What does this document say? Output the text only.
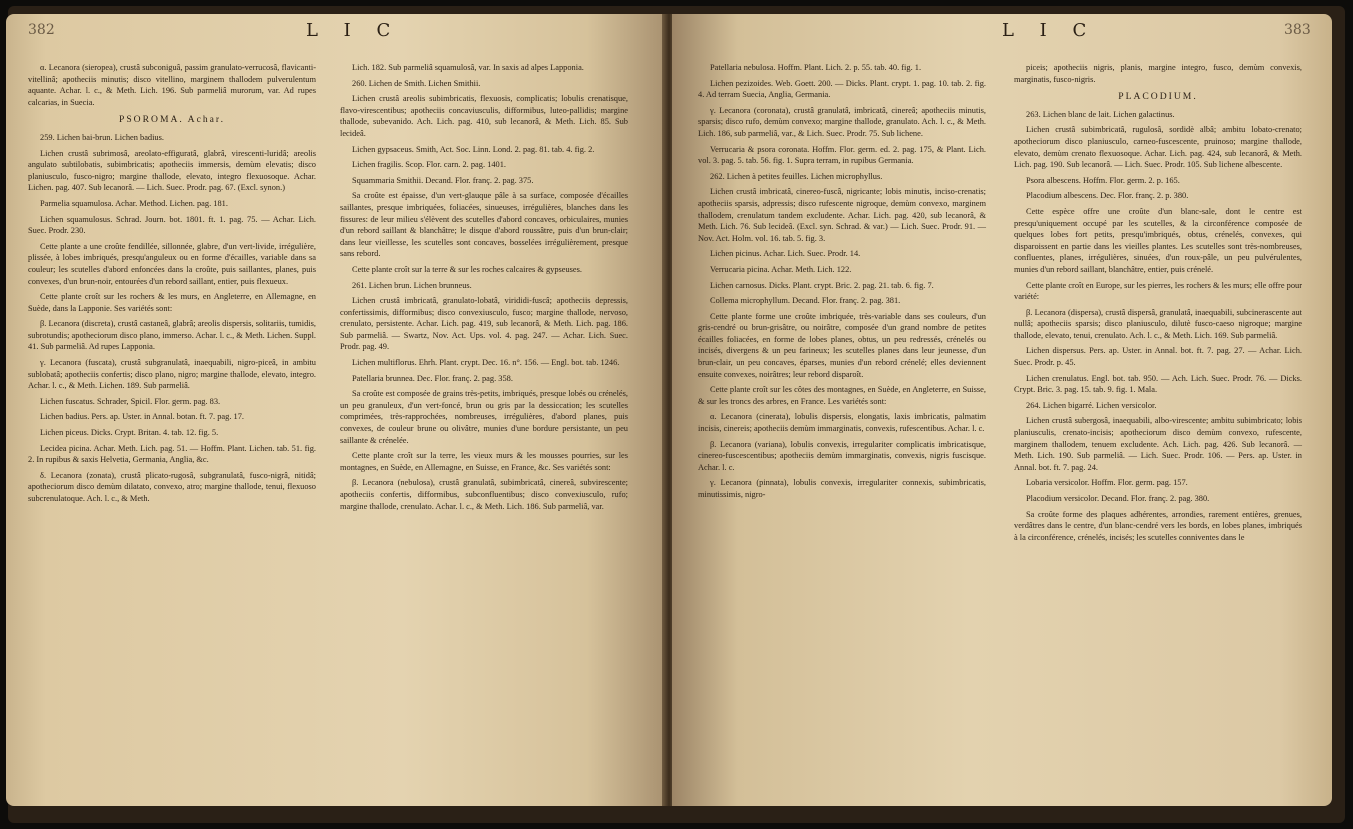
382	L I C

α. Lecanora (sieropea), crustâ subconiguâ, passim granulato-verrucosâ, flavicanti-vitellinâ; apotheciis minutis; disco vitellino, marginem thallodem pulverulentum aquante. Achar. l. c., & Meth. Lich. 196. Sub parmeliâ murorum, var. Ad rupes calcarias, in Suecia.

PSOROMA. Achar.

259. Lichen bai-brun. Lichen badius.

Lichen crustâ subrimosâ, areolato-effiguratâ, glabrâ, virescenti-luridâ; areolis angulato subtilobatis, subimbricatis; apotheciis immersis, demùm elevatis; disco planiusculo, fusco-nigro; margine thallode, elevato, integro flexuosoque. Achar. Lichen. pag. 407. Sub lecanorâ. — Lich. Suec. Prodr. pag. 67. (Excl. synon.)

Parmelia squamulosa. Achar. Method. Lichen. pag. 181.

Lichen squamulosus. Schrad. Journ. bot. 1801. ft. 1. pag. 75. — Achar. Lich. Suec. Prodr. 230.

Cette plante a une croûte fendillée, sillonnée, glabre, d'un vert-livide, irrégulière, plissée, à lobes imbriqués, presqu'anguleux ou en forme d'écailles, variable dans sa couleur; les scutelles d'abord enfoncées dans la croûte, puis saillantes, planes, puis convexes, d'un brun-noir, entourées d'un rebord saillant, entier, puis flexueux.

Cette plante croît sur les rochers & les murs, en Angleterre, en Allemagne, en Suède, dans la Lapponie. Ses variétés sont:

β. Lecanora (discreta), crustâ castaneâ, glabrâ; areolis dispersis, solitariis, tumidis, subrotundis; apotheciorum disco plano, immerso. Achar. l. c., & Meth. Lichen. Suppl. 41. Sub parmeliâ. Ad rupes Lapponia.

γ. Lecanora (fuscata), crustâ subgranulatâ, inaequabili, nigro-piceâ, in ambitu sublobatâ; apotheciis confertis; disco plano, nigro; margine thallode, elevato, integro. Achar. l. c., & Meth. Lichen. 189. Sub parmeliâ.

Lichen fuscatus. Schrader, Spicil. Flor. germ. pag. 83.

Lichen badius. Pers. ap. Uster. in Annal. botan. ft. 7. pag. 17.

Lichen piceus. Dicks. Crypt. Britan. 4. tab. 12. fig. 5.

Lecidea picina. Achar. Meth. Lich. pag. 51. — Hoffm. Plant. Lichen. tab. 51. fig. 2. In rupibus & saxis Helvetia, Germania, Anglia, &c.

δ. Lecanora (zonata), crustâ plicato-rugosâ, subgranulatâ, fusco-nigrâ, nitidâ; apotheciorum disco demùm dilatato, convexo, atro; margine thallode, tenui, flexuoso subcrenulatoque. Ach. l. c., & Meth.

Lich. 182. Sub parmeliâ squamulosâ, var. In saxis ad alpes Lapponia.

260. Lichen de Smith. Lichen Smithii.

Lichen crustâ areolis subimbricatis, flexuosis, complicatis; lobulis crenatisque, flavo-virescentibus; apotheciis concaviusculis, difformibus, luteo-pallidis; margine thallode, subevanido. Ach. Lich. pag. 410, sub lecanorâ, & Meth. Lich. 85. Sub lecideâ.

Lichen gypsaceus. Smith, Act. Soc. Linn. Lond. 2. pag. 81. tab. 4. fig. 2.

Lichen fragilis. Scop. Flor. carn. 2. pag. 1401.

Squammaria Smithii. Decand. Flor. franç. 2. pag. 375.

Sa croûte est épaisse, d'un vert-glauque pâle à sa surface, composée d'écailles saillantes, presque imbriquées, foliacées, sinueuses, irrégulières, blanches dans les fissures: de leur milieu s'élèvent des scutelles d'abord concaves, orbiculaires, munies d'un rebord saillant & blanchâtre; le disque d'abord roussâtre, puis d'un brun-clair; dans leur vieillesse, les scutelles sont concaves, bosselées irrégulièrement, presque sans rebord.

Cette plante croît sur la terre & sur les roches calcaires & gypseuses.

261. Lichen brun. Lichen brunneus.

Lichen crustâ imbricatâ, granulato-lobatâ, virididi-fuscâ; apotheciis depressis, confertissimis, difformibus; disco convexiusculo, fusco; margine thallode, nervoso, crenulato, persistente. Achar. Lich. pag. 419, sub lecanorâ, & Meth. Lich. pag. 186. Sub parmeliâ. — Swartz, Nov. Act. Ups. vol. 4. pag. 247. — Achar. Lich. Suec. Prodr. pag. 49.

Lichen multiflorus. Ehrh. Plant. crypt. Dec. 16. n°. 156. — Engl. bot. tab. 1246.

Patellaria brunnea. Dec. Flor. franç. 2. pag. 358.

Sa croûte est composée de grains très-petits, imbriqués, presque lobés ou crénelés, un peu granuleux, d'un vert-foncé, brun ou gris par la dessiccation; les scutelles comprimées, très-rapprochées, nombreuses, irrégulières, d'abord planes, puis convexes, de couleur brune ou olivâtre, munies d'une bordure persistante, un peu saillante & crénelée.

Cette plante croît sur la terre, les vieux murs & les mousses pourries, sur les montagnes, en Suède, en Allemagne, en Suisse, en France, &c. Ses variétés sont:

β. Lecanora (nebulosa), crustâ granulatâ, subimbricatâ, cinereâ, subvirescente; apotheciis confertis, difformibus, subconfluentibus; disco convexiusculo, rufo; margine thallode, crenulato. Achar. l. c., & Meth. Lich. 186. Sub parmeliâ, var.

L I C	383

Patellaria nebulosa. Hoffm. Plant. Lich. 2. p. 55. tab. 40. fig. 1.

Lichen pezizoides. Web. Goett. 200. — Dicks. Plant. crypt. 1. pag. 10. tab. 2. fig. 4. Ad terram Suecia, Anglia, Germania.

γ. Lecanora (coronata), crustâ granulatâ, imbricatâ, cinereâ; apotheciis minutis, sparsis; disco rufo, demùm convexo; margine thallode, granulato. Ach. l. c., & Meth. Lich. 186, sub parmeliâ, var., & Lich. Suec. Prodr. 75. Sub lichene.

Verrucaria & psora coronata. Hoffm. Flor. germ. ed. 2. pag. 175, & Plant. Lich. vol. 3. pag. 5. tab. 56. fig. 1. Supra terram, in rupibus Germania.

262. Lichen à petites feuilles. Lichen microphyllus.

Lichen crustâ imbricatâ, cinereo-fuscâ, nigricante; lobis minutis, inciso-crenatis; apotheciis sparsis, adpressis; disco rufescente nigroque, demùm convexo, marginem thallodem, crenulatum tandem excludente. Achar. Lich. pag. 420, sub lecanorâ, & Meth. Lich. 76. Sub lecideâ. (Excl. syn. Schrad. & var.) — Lich. Suec. Prodr. 91. — Nov. Act. Holm. vol. 16. tab. 5. fig. 3.

Lichen picinus. Achar. Lich. Suec. Prodr. 14.

Verrucaria picina. Achar. Meth. Lich. 122.

Lichen carnosus. Dicks. Plant. crypt. Bric. 2. pag. 21. tab. 6. fig. 7.

Collema microphyllum. Decand. Flor. franç. 2. pag. 381.

Cette plante forme une croûte imbriquée, très-variable dans ses couleurs, d'un gris-cendré ou brun-grisâtre, ou noirâtre, composée d'un grand nombre de petites écailles foliacées, en forme de lobes planes, obtus, un peu redressés, crénelés ou incisés, divergens & un peu farineux; les scutelles planes dans leur jeunesse, d'un brun-clair, un peu concaves, éparses, munies d'un rebord crénelé; elles deviennent ensuite convexes, noirâtres; leur rebord disparoît.

Cette plante croît sur les côtes des montagnes, en Suède, en Angleterre, en Suisse, & sur les troncs des arbres, en France. Les variétés sont:

α. Lecanora (cinerata), lobulis dispersis, elongatis, laxis imbricatis, palmatim incisis, cinereis; apotheciis demùm immarginatis, convexis, rufescentibus. Achar. l. c.

β. Lecanora (variana), lobulis convexis, irregulariter complicatis imbricatisque, cinereo-fuscescentibus; apotheciis demùm immarginatis, convexis, nigris fuscisque. Achar. l. c.

γ. Lecanora (pinnata), lobulis convexis, irregulariter connexis, subimbricatis, minutissimis, nigro-

piceis; apotheciis nigris, planis, margine integro, fusco, demùm convexis, marginatis, fusco-nigris.

PLACODIUM.

263. Lichen blanc de lait. Lichen galactinus.

Lichen crustâ subimbricatâ, rugulosâ, sordidè albâ; ambitu lobato-crenato; apotheciorum disco planiusculo, carneo-fuscescente, pruinoso; margine thallode, elevato, demùm crenato flexuosoque. Achar. Lich. pag. 424, sub lecanorâ, & Meth. Lich. pag. 190. Sub lecanorâ. — Lich. Suec. Prodr. 105. Sub lichene albescente.

Psora albescens. Hoffm. Flor. germ. 2. p. 165.

Placodium albescens. Dec. Flor. franç. 2. p. 380.

Cette espèce offre une croûte d'un blanc-sale, dont le centre est presqu'uniquement occupé par les scutelles, & la circonférence composée de quelques lobes fort petits, presqu'imbriqués, obtus, crénelés, convexes, qui disparoissent en partie dans les vieilles plantes. Les scutelles sont très-nombreuses, confluentes, planes, irrégulières, sinuées, d'un roux-pâle, un peu pulvérulentes, munies d'un rebord saillant, blanchâtre, entier, puis crénelé.

Cette plante croît en Europe, sur les pierres, les rochers & les murs; elle offre pour variété:

β. Lecanora (dispersa), crustâ dispersâ, granulatâ, inaequabili, subcinerascente aut nullâ; apotheciis sparsis; disco planiusculo, dilutè fusco-caeso nigroque; margine thallode, elevato, tenui, crenulato. Ach. l. c., & Meth. Lich. 169. Sub parmeliâ.

Lichen dispersus. Pers. ap. Uster. in Annal. bot. ft. 7. pag. 27. — Achar. Lich. Suec. Prodr. p. 45.

Lichen crenulatus. Engl. bot. tab. 950. — Ach. Lich. Suec. Prodr. 76. — Dicks. Crypt. Bric. 3. pag. 15. tab. 9. fig. 1. Mala.

264. Lichen bigarré. Lichen versicolor.

Lichen crustâ subergosâ, inaequabili, albo-virescente; ambitu subimbricato; lobis planiusculis, crenato-incisis; apotheciorum disco demùm convexo, rufescente, marginem thallodem, tenuem excludente. Ach. Lich. pag. 426. Sub lecanorâ. — Meth. Lich. 190. Sub parmeliâ. — Lich. Suec. Prodr. 106. — Pers. ap. Uster. in Annal. bot. ft. 7. pag. 24.

Lobaria versicolor. Hoffm. Flor. germ. pag. 157.

Placodium versicolor. Decand. Flor. franç. 2. pag. 380.

Sa croûte forme des plaques adhérentes, arrondies, rarement entières, grenues, verdâtres dans le centre, d'un blanc-cendré vers les bords, en lobes planes, imbriqués à la circonférence, crénelés, incisés; les scutelles conniventes dans le
